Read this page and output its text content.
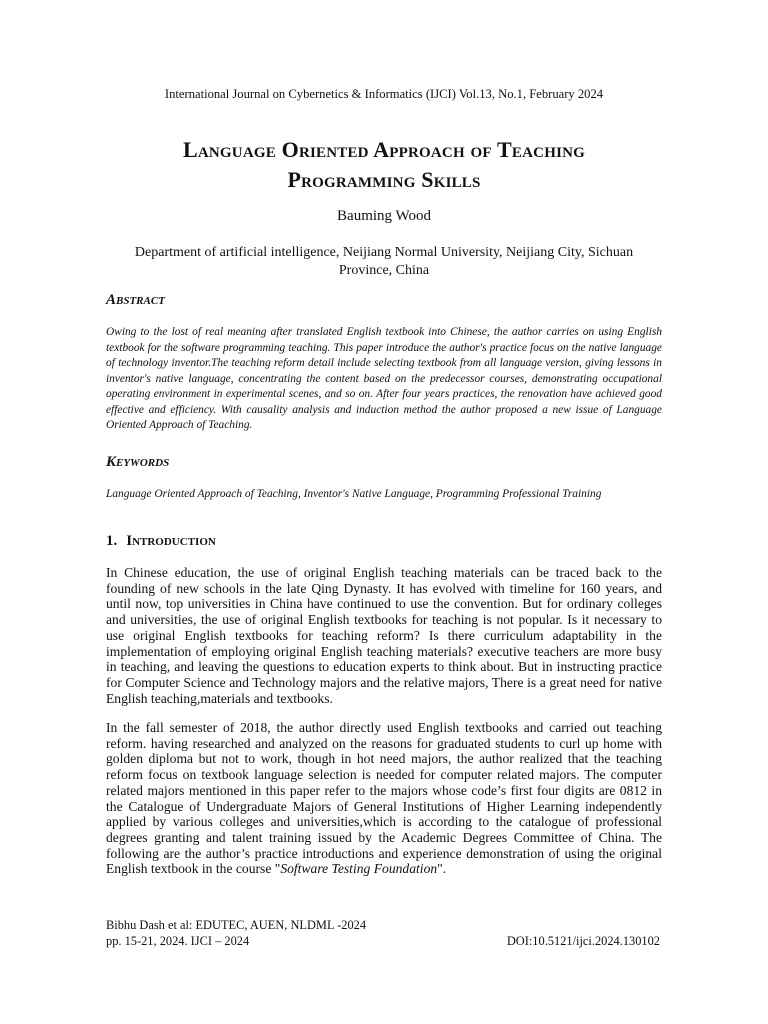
International Journal on Cybernetics & Informatics (IJCI) Vol.13, No.1, February 2024
Language Oriented Approach of Teaching
Programming Skills
Bauming Wood
Department of artificial intelligence, Neijiang Normal University, Neijiang City, Sichuan
Province, China
Abstract
Owing to the lost of real meaning after translated English textbook into Chinese, the author carries on using English textbook for the software programming teaching. This paper introduce the author's practice focus on the native language of technology inventor.The teaching reform detail include selecting textbook from all language version, giving lessons in inventor's native language, concentrating the content based on the predecessor courses, demonstrating occupational operating environment in experimental scenes, and so on. After four years practices, the renovation have achieved good effective and efficiency. With causality analysis and induction method the author proposed a new issue of Language Oriented Approach of Teaching.
Keywords
Language Oriented Approach of Teaching, Inventor's Native Language, Programming Professional Training
1. Introduction
In Chinese education, the use of original English teaching materials can be traced back to the founding of new schools in the late Qing Dynasty. It has evolved with timeline for 160 years, and until now, top universities in China have continued to use the convention. But for ordinary colleges and universities, the use of original English textbooks for teaching is not popular. Is it necessary to use original English textbooks for teaching reform? Is there curriculum adaptability in the implementation of employing original English teaching materials? executive teachers are more busy in teaching, and leaving the questions to education experts to think about. But in instructing practice for Computer Science and Technology majors and the relative majors, There is a great need for native English teaching,materials and textbooks.
In the fall semester of 2018, the author directly used English textbooks and carried out teaching reform. having researched and analyzed on the reasons for graduated students to curl up home with golden diploma but not to work, though in hot need majors, the author realized that the teaching reform focus on textbook language selection is needed for computer related majors. The computer related majors mentioned in this paper refer to the majors whose code’s first four digits are 0812 in the Catalogue of Undergraduate Majors of General Institutions of Higher Learning independently applied by various colleges and universities,which is according to the catalogue of professional degrees granting and talent training issued by the Academic Degrees Committee of China. The following are the author’s practice introductions and experience demonstration of using the original English textbook in the course "Software Testing Foundation".
Bibhu Dash et al: EDUTEC, AUEN, NLDML -2024
pp. 15-21, 2024. IJCI – 2024	DOI:10.5121/ijci.2024.130102
